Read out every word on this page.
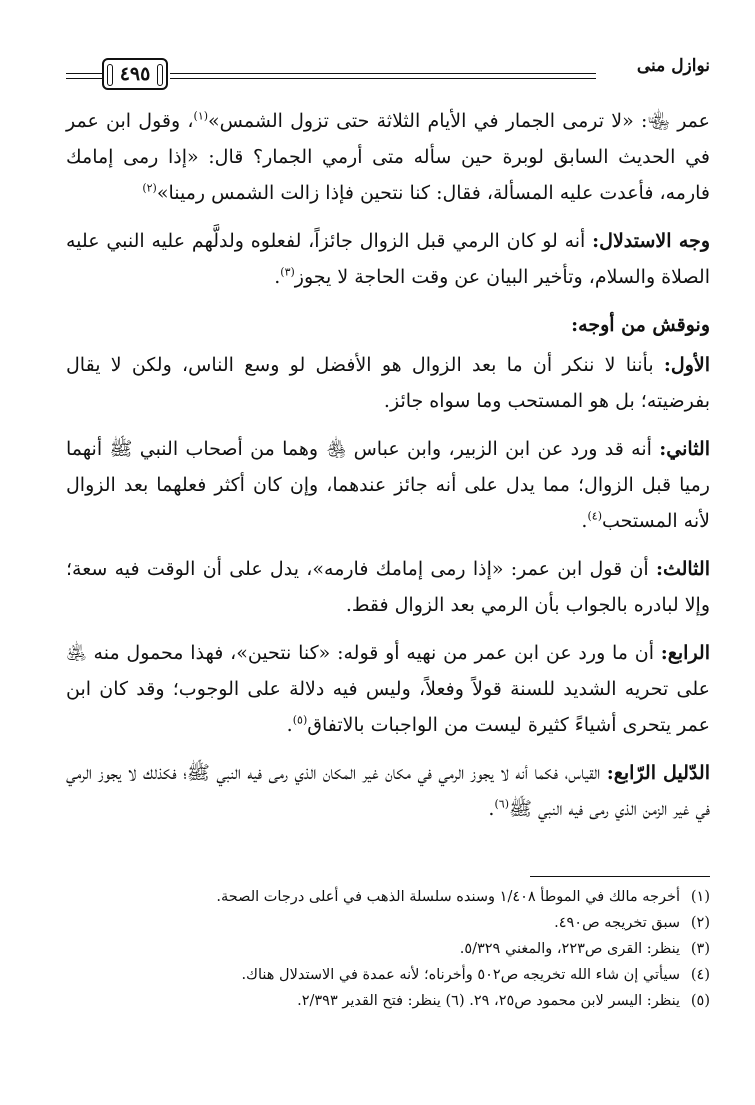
٤٩٥	نوازل منى

عمر ﵄: «لا ترمى الجمار في الأيام الثلاثة حتى تزول الشمس»$^{(١)}$، وقول ابن عمر في الحديث السابق لوبرة حين سأله متى أرمي الجمار؟ قال: «إذا رمى إمامك فارمه، فأعدت عليه المسألة، فقال: كنا نتحين فإذا زالت الشمس رمينا»$^{(٢)}$

وجه الاستدلال: أنه لو كان الرمي قبل الزوال جائزاً، لفعلوه ولدلَّهم عليه النبي عليه الصلاة والسلام، وتأخير البيان عن وقت الحاجة لا يجوز$^{(٣)}$.

ونوقش من أوجه:

الأول: بأننا لا ننكر أن ما بعد الزوال هو الأفضل لو وسع الناس، ولكن لا يقال بفرضيته؛ بل هو المستحب وما سواه جائز.

الثاني: أنه قد ورد عن ابن الزبير، وابن عباس ﵃ وهما من أصحاب النبي ﷺ أنهما رميا قبل الزوال؛ مما يدل على أنه جائز عندهما، وإن كان أكثر فعلهما بعد الزوال لأنه المستحب$^{(٤)}$.

الثالث: أن قول ابن عمر: «إذا رمى إمامك فارمه»، يدل على أن الوقت فيه سعة؛ وإلا لبادره بالجواب بأن الرمي بعد الزوال فقط.

الرابع: أن ما ورد عن ابن عمر من نهيه أو قوله: «كنا نتحين»، فهذا محمول منه ﵁ على تحريه الشديد للسنة قولاً وفعلاً، وليس فيه دلالة على الوجوب؛ وقد كان ابن عمر يتحرى أشياءً كثيرة ليست من الواجبات بالاتفاق$^{(٥)}$.

الدّليل الرّابع: القياس، فكما أنه لا يجوز الرمي في مكان غير المكان الذي رمى فيه النبي ﷺ؛ فكذلك لا يجوز الرمي في غير الزمن الذي رمى فيه النبي ﷺ$^{(٦)}$.

(١)أخرجه مالك في الموطأ ١/٤٠٨ وسنده سلسلة الذهب في أعلى درجات الصحة.

(٢)سبق تخريجه ص٤٩٠.

(٣)ينظر: القرى ص٢٢٣، والمغني ٥/٣٢٩.

(٤)سيأتي إن شاء الله تخريجه ص٥٠٢ وأخرناه؛ لأنه عمدة في الاستدلال هناك.

(٥)ينظر: اليسر لابن محمود ص٢٥، ٢٩. (٦) ينظر: فتح القدير ٢/٣٩٣.
